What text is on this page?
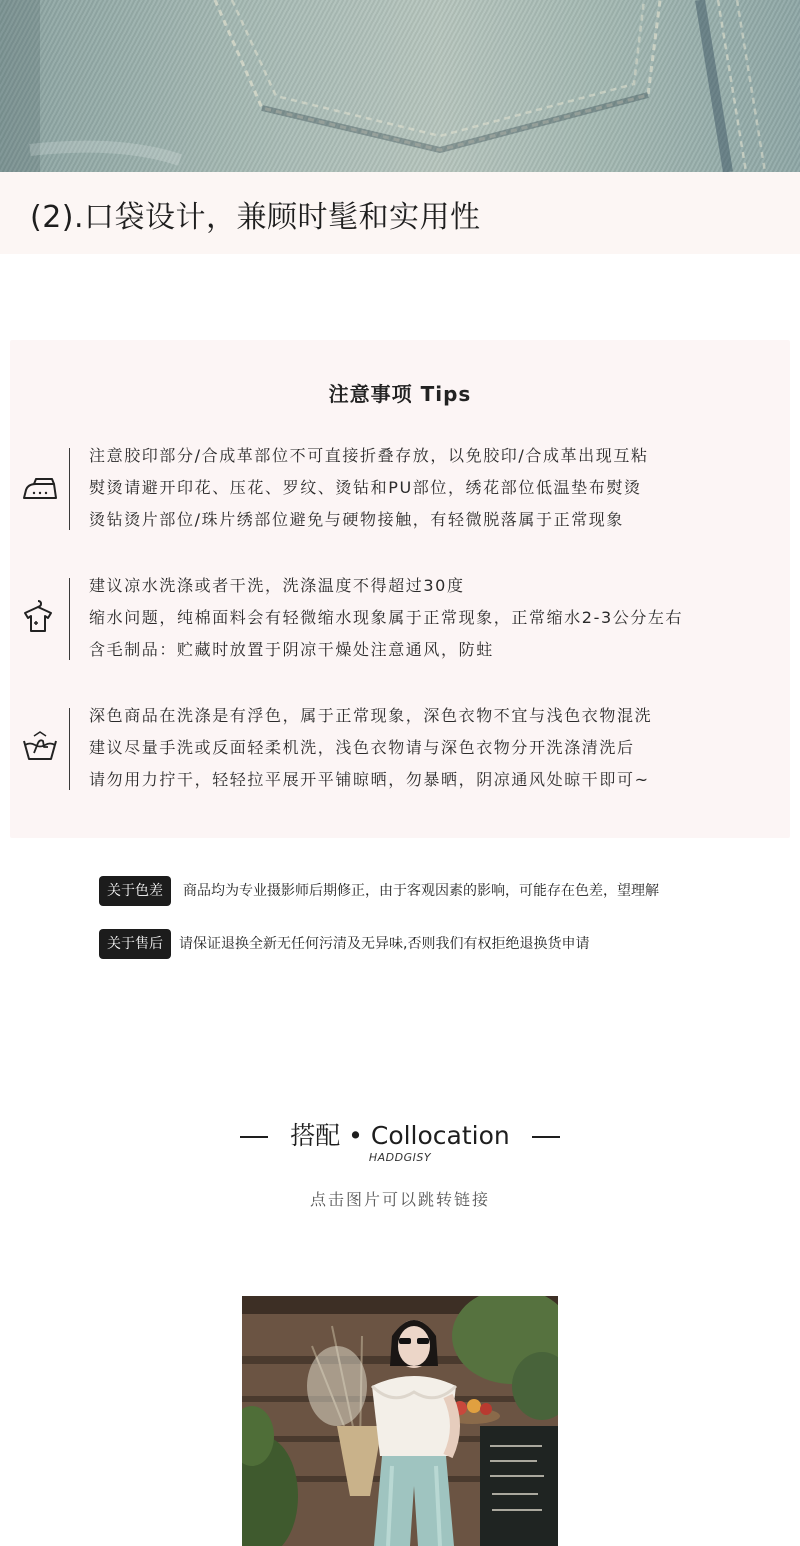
(2).口袋设计，兼顾时髦和实用性
注意事项 Tips
注意胶印部分/合成革部位不可直接折叠存放，以免胶印/合成革出现互粘
熨烫请避开印花、压花、罗纹、烫钻和PU部位，绣花部位低温垫布熨烫
烫钻烫片部位/珠片绣部位避免与硬物接触，有轻微脱落属于正常现象
建议凉水洗涤或者干洗，洗涤温度不得超过30度
缩水问题，纯棉面料会有轻微缩水现象属于正常现象，正常缩水2-3公分左右
含毛制品：贮藏时放置于阴凉干燥处注意通风，防蛀
深色商品在洗涤是有浮色，属于正常现象，深色衣物不宜与浅色衣物混洗
建议尽量手洗或反面轻柔机洗，浅色衣物请与深色衣物分开洗涤清洗后
请勿用力拧干，轻轻拉平展开平铺晾晒，勿暴晒，阴凉通风处晾干即可~
关于色差	商品均为专业摄影师后期修正，由于客观因素的影响，可能存在色差，望理解
关于售后	请保证退换全新无任何污清及无异味,否则我们有权拒绝退换货申请
搭配 • Collocation
HADDGISY
点击图片可以跳转链接
